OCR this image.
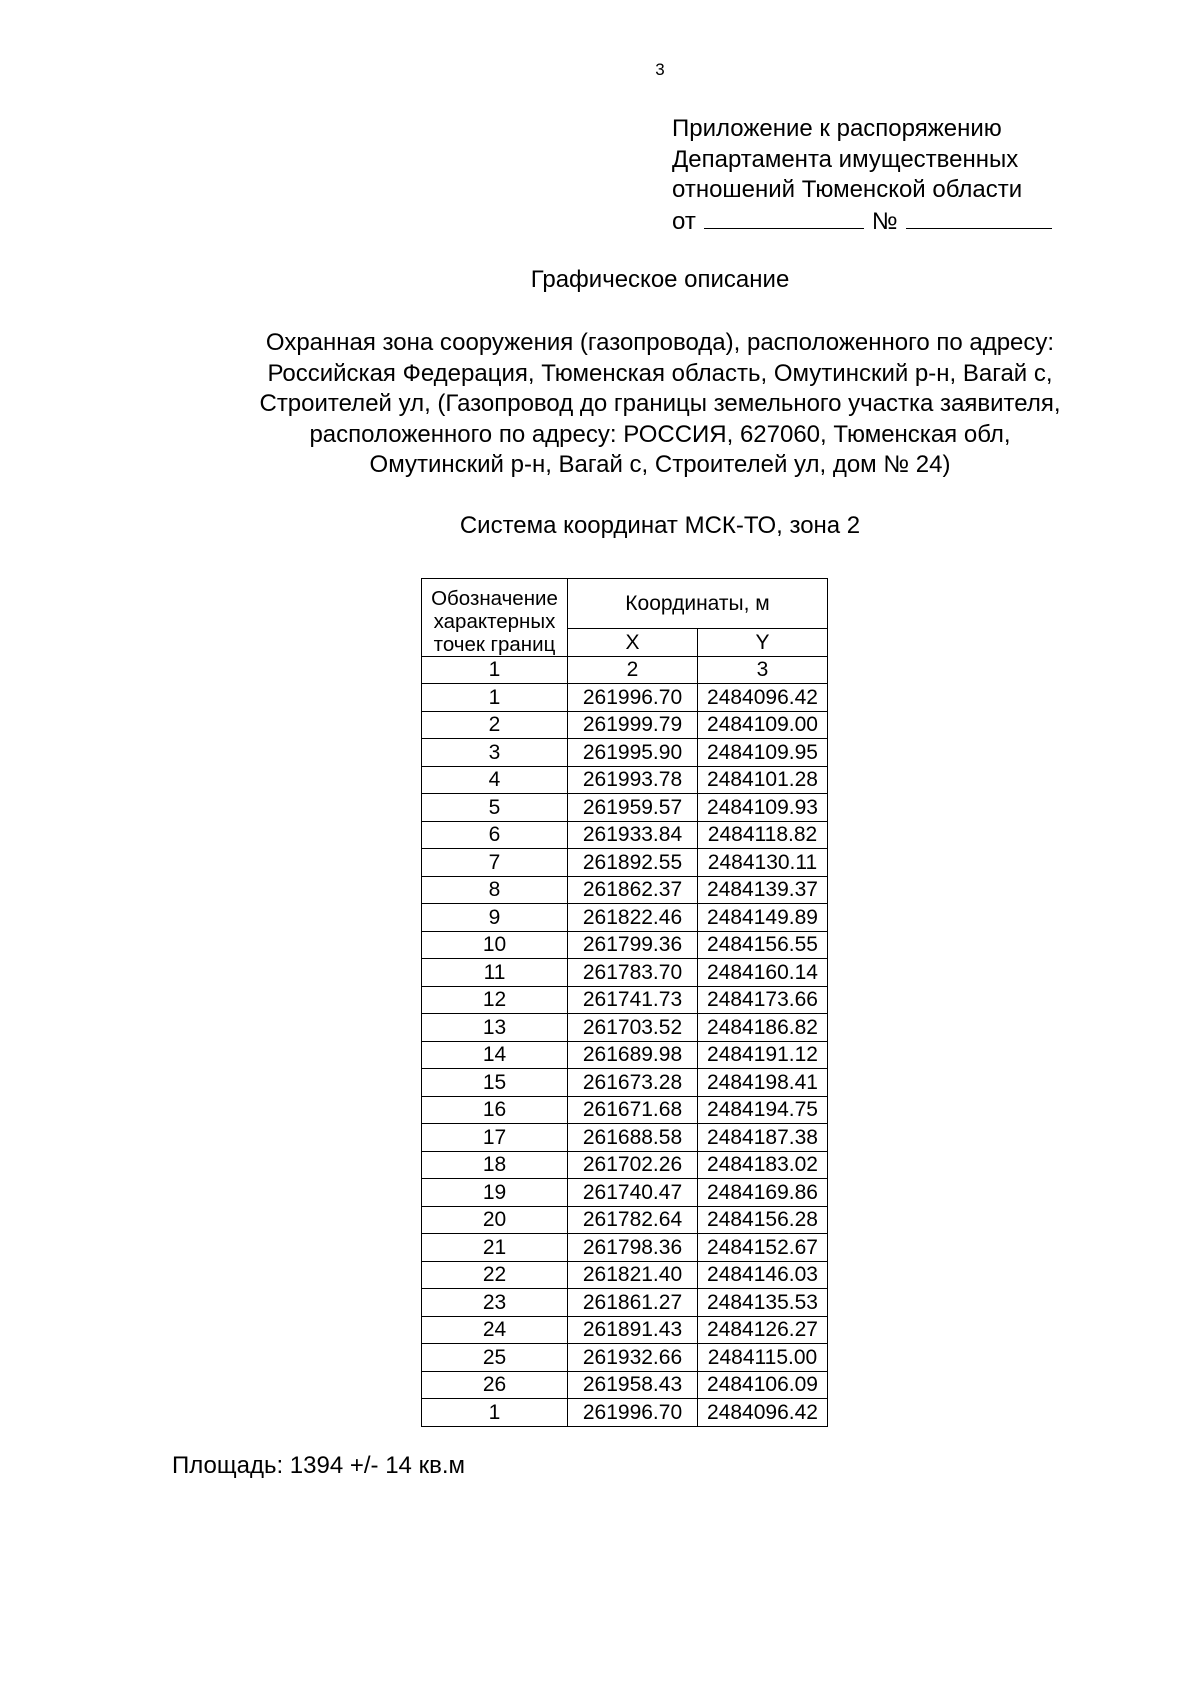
3
Приложение к распоряжению
Департамента имущественных
отношений Тюменской области
от	№
Графическое описание
Охранная зона сооружения (газопровода), расположенного по адресу:
Российская Федерация, Тюменская область, Омутинский р-н, Вагай с,
Строителей ул, (Газопровод до границы земельного участка заявителя,
расположенного по адресу: РОССИЯ, 627060, Тюменская обл,
Омутинский р-н, Вагай с, Строителей ул, дом № 24)
Система координат МСК-ТО, зона 2
Обозначение
характерных
точек границ	Координаты, м	
	X	Y
1	2	3
1	261996.70	2484096.42
2	261999.79	2484109.00
3	261995.90	2484109.95
4	261993.78	2484101.28
5	261959.57	2484109.93
6	261933.84	2484118.82
7	261892.55	2484130.11
8	261862.37	2484139.37
9	261822.46	2484149.89
10	261799.36	2484156.55
11	261783.70	2484160.14
12	261741.73	2484173.66
13	261703.52	2484186.82
14	261689.98	2484191.12
15	261673.28	2484198.41
16	261671.68	2484194.75
17	261688.58	2484187.38
18	261702.26	2484183.02
19	261740.47	2484169.86
20	261782.64	2484156.28
21	261798.36	2484152.67
22	261821.40	2484146.03
23	261861.27	2484135.53
24	261891.43	2484126.27
25	261932.66	2484115.00
26	261958.43	2484106.09
1	261996.70	2484096.42
Площадь: 1394 +/- 14 кв.м
